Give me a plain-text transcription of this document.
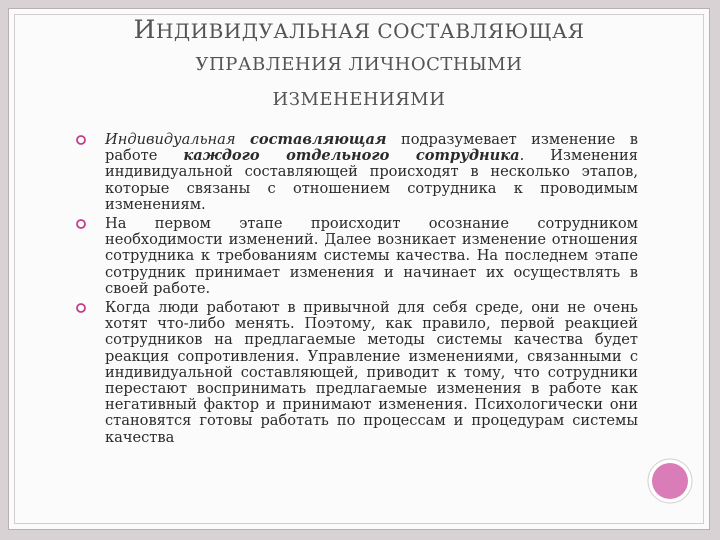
ИНДИВИДУАЛЬНАЯ СОСТАВЛЯЮЩАЯ
УПРАВЛЕНИЯ ЛИЧНОСТНЫМИ
ИЗМЕНЕНИЯМИ
Индивидуальная составляющая подразумевает изменение в работе каждого отдельного сотрудника. Изменения индивидуальной составляющей происходят в несколько этапов, которые связаны с отношением сотрудника к проводимым изменениям.
На первом этапе происходит осознание сотрудником необходимости изменений. Далее возникает изменение отношения сотрудника к требованиям системы качества. На последнем этапе сотрудник принимает изменения и начинает их осуществлять в своей работе.
Когда люди работают в привычной для себя среде, они не очень хотят что-либо менять. Поэтому, как правило, первой реакцией сотрудников на предлагаемые методы системы качества будет реакция сопротивления. Управление изменениями, связанными с индивидуальной составляющей, приводит к тому, что сотрудники перестают воспринимать предлагаемые изменения в работе как негативный фактор и принимают изменения. Психологически они становятся готовы работать по процессам и процедурам системы качества
